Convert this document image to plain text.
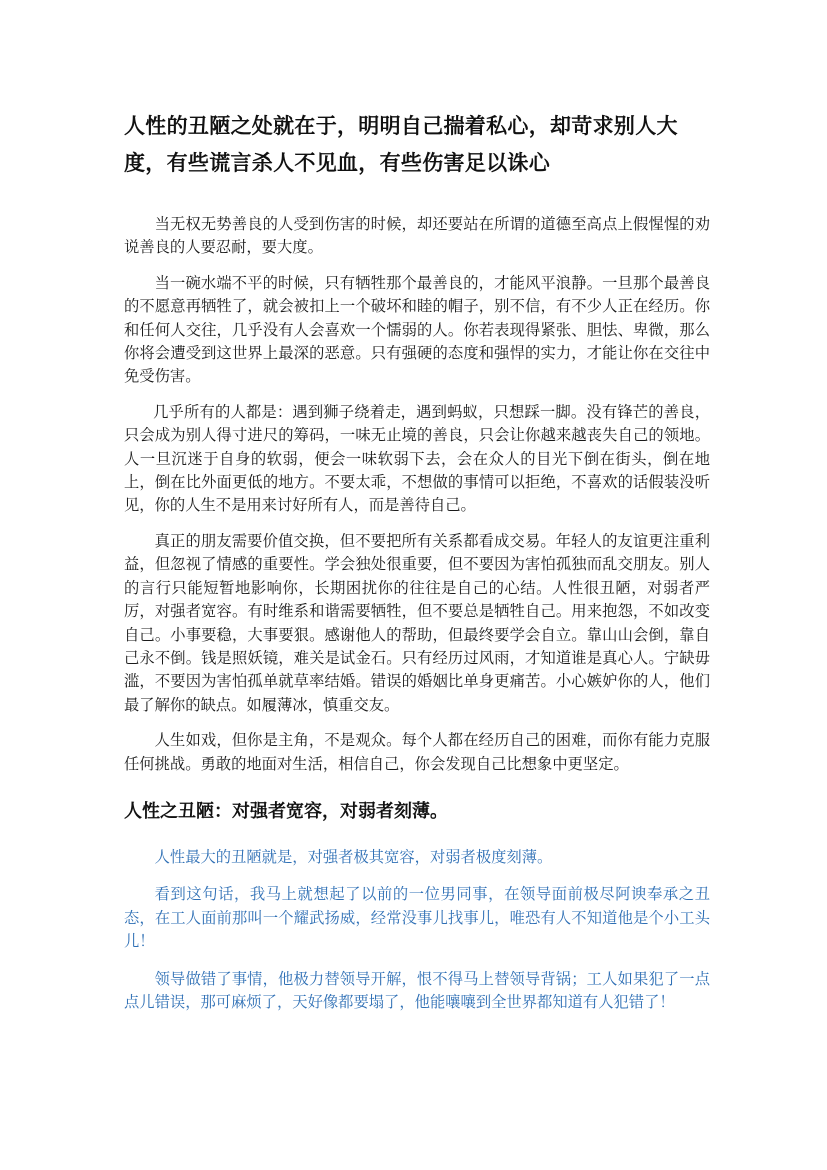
人性的丑陋之处就在于，明明自己揣着私心，却苛求别人大度，有些谎言杀人不见血，有些伤害足以诛心

当无权无势善良的人受到伤害的时候，却还要站在所谓的道德至高点上假惺惺的劝说善良的人要忍耐，要大度。

当一碗水端不平的时候，只有牺牲那个最善良的，才能风平浪静。一旦那个最善良的不愿意再牺牲了，就会被扣上一个破坏和睦的帽子，别不信，有不少人正在经历。你和任何人交往，几乎没有人会喜欢一个懦弱的人。你若表现得紧张、胆怯、卑微，那么你将会遭受到这世界上最深的恶意。只有强硬的态度和强悍的实力，才能让你在交往中免受伤害。

几乎所有的人都是：遇到狮子绕着走，遇到蚂蚁，只想踩一脚。没有锋芒的善良，只会成为别人得寸进尺的筹码，一味无止境的善良，只会让你越来越丧失自己的领地。人一旦沉迷于自身的软弱，便会一味软弱下去，会在众人的目光下倒在街头，倒在地上，倒在比外面更低的地方。不要太乖，不想做的事情可以拒绝，不喜欢的话假装没听见，你的人生不是用来讨好所有人，而是善待自己。

真正的朋友需要价值交换，但不要把所有关系都看成交易。年轻人的友谊更注重利益，但忽视了情感的重要性。学会独处很重要，但不要因为害怕孤独而乱交朋友。别人的言行只能短暂地影响你，长期困扰你的往往是自己的心结。人性很丑陋，对弱者严厉，对强者宽容。有时维系和谐需要牺牲，但不要总是牺牲自己。用来抱怨，不如改变自己。小事要稳，大事要狠。感谢他人的帮助，但最终要学会自立。靠山山会倒，靠自己永不倒。钱是照妖镜，难关是试金石。只有经历过风雨，才知道谁是真心人。宁缺毋滥，不要因为害怕孤单就草率结婚。错误的婚姻比单身更痛苦。小心嫉妒你的人，他们最了解你的缺点。如履薄冰，慎重交友。

人生如戏，但你是主角，不是观众。每个人都在经历自己的困难，而你有能力克服任何挑战。勇敢的地面对生活，相信自己，你会发现自己比想象中更坚定。

人性之丑陋：对强者宽容，对弱者刻薄。

人性最大的丑陋就是，对强者极其宽容，对弱者极度刻薄。

看到这句话，我马上就想起了以前的一位男同事，在领导面前极尽阿谀奉承之丑态，在工人面前那叫一个耀武扬威，经常没事儿找事儿，唯恐有人不知道他是个小工头儿！

领导做错了事情，他极力替领导开解，恨不得马上替领导背锅；工人如果犯了一点点儿错误，那可麻烦了，天好像都要塌了，他能嚷嚷到全世界都知道有人犯错了！
